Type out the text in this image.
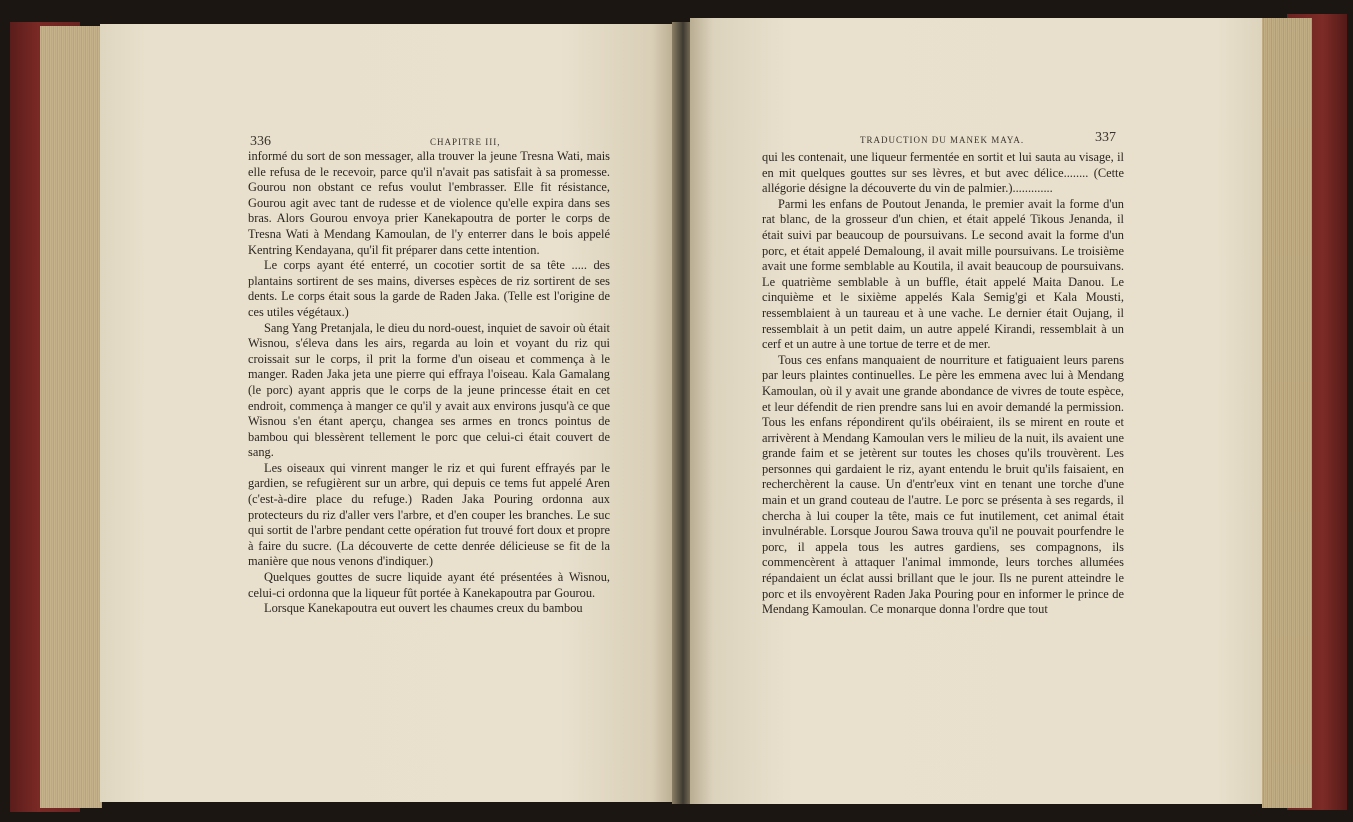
336	CHAPITRE III,

informé du sort de son messager, alla trouver la jeune Tresna Wati, mais elle refusa de le recevoir, parce qu'il n'avait pas satisfait à sa promesse. Gourou non obstant ce refus voulut l'embrasser. Elle fit résistance, Gourou agit avec tant de rudesse et de violence qu'elle expira dans ses bras. Alors Gourou envoya prier Kanekapoutra de porter le corps de Tresna Wati à Mendang Kamoulan, de l'y enterrer dans le bois appelé Kentring Kendayana, qu'il fit préparer dans cette intention.

Le corps ayant été enterré, un cocotier sortit de sa tête ..... des plantains sortirent de ses mains, diverses espèces de riz sortirent de ses dents. Le corps était sous la garde de Raden Jaka. (Telle est l'origine de ces utiles végétaux.)

Sang Yang Pretanjala, le dieu du nord-ouest, inquiet de savoir où était Wisnou, s'éleva dans les airs, regarda au loin et voyant du riz qui croissait sur le corps, il prit la forme d'un oiseau et commença à le manger. Raden Jaka jeta une pierre qui effraya l'oiseau. Kala Gamalang (le porc) ayant appris que le corps de la jeune princesse était en cet endroit, commença à manger ce qu'il y avait aux environs jusqu'à ce que Wisnou s'en étant aperçu, changea ses armes en troncs pointus de bambou qui blessèrent tellement le porc que celui-ci était couvert de sang.

Les oiseaux qui vinrent manger le riz et qui furent effrayés par le gardien, se refugièrent sur un arbre, qui depuis ce tems fut appelé Aren (c'est-à-dire place du refuge.) Raden Jaka Pouring ordonna aux protecteurs du riz d'aller vers l'arbre, et d'en couper les branches. Le suc qui sortit de l'arbre pendant cette opération fut trouvé fort doux et propre à faire du sucre. (La découverte de cette denrée délicieuse se fit de la manière que nous venons d'indiquer.)

Quelques gouttes de sucre liquide ayant été présentées à Wisnou, celui-ci ordonna que la liqueur fût portée à Kanekapoutra par Gourou.

Lorsque Kanekapoutra eut ouvert les chaumes creux du bambou

TRADUCTION DU MANEK MAYA.	337

qui les contenait, une liqueur fermentée en sortit et lui sauta au visage, il en mit quelques gouttes sur ses lèvres, et but avec délice........ (Cette allégorie désigne la découverte du vin de palmier.).............

Parmi les enfans de Poutout Jenanda, le premier avait la forme d'un rat blanc, de la grosseur d'un chien, et était appelé Tikous Jenanda, il était suivi par beaucoup de poursuivans. Le second avait la forme d'un porc, et était appelé Demaloung, il avait mille poursuivans. Le troisième avait une forme semblable au Koutila, il avait beaucoup de poursuivans. Le quatrième semblable à un buffle, était appelé Maita Danou. Le cinquième et le sixième appelés Kala Semig'gi et Kala Mousti, ressemblaient à un taureau et à une vache. Le dernier était Oujang, il ressemblait à un petit daim, un autre appelé Kirandi, ressemblait à un cerf et un autre à une tortue de terre et de mer.

Tous ces enfans manquaient de nourriture et fatiguaient leurs parens par leurs plaintes continuelles. Le père les emmena avec lui à Mendang Kamoulan, où il y avait une grande abondance de vivres de toute espèce, et leur défendit de rien prendre sans lui en avoir demandé la permission. Tous les enfans répondirent qu'ils obéiraient, ils se mirent en route et arrivèrent à Mendang Kamoulan vers le milieu de la nuit, ils avaient une grande faim et se jetèrent sur toutes les choses qu'ils trouvèrent. Les personnes qui gardaient le riz, ayant entendu le bruit qu'ils faisaient, en recherchèrent la cause. Un d'entr'eux vint en tenant une torche d'une main et un grand couteau de l'autre. Le porc se présenta à ses regards, il chercha à lui couper la tête, mais ce fut inutilement, cet animal était invulnérable. Lorsque Jourou Sawa trouva qu'il ne pouvait pourfendre le porc, il appela tous les autres gardiens, ses compagnons, ils commencèrent à attaquer l'animal immonde, leurs torches allumées répandaient un éclat aussi brillant que le jour. Ils ne purent atteindre le porc et ils envoyèrent Raden Jaka Pouring pour en informer le prince de Mendang Kamoulan. Ce monarque donna l'ordre que tout
